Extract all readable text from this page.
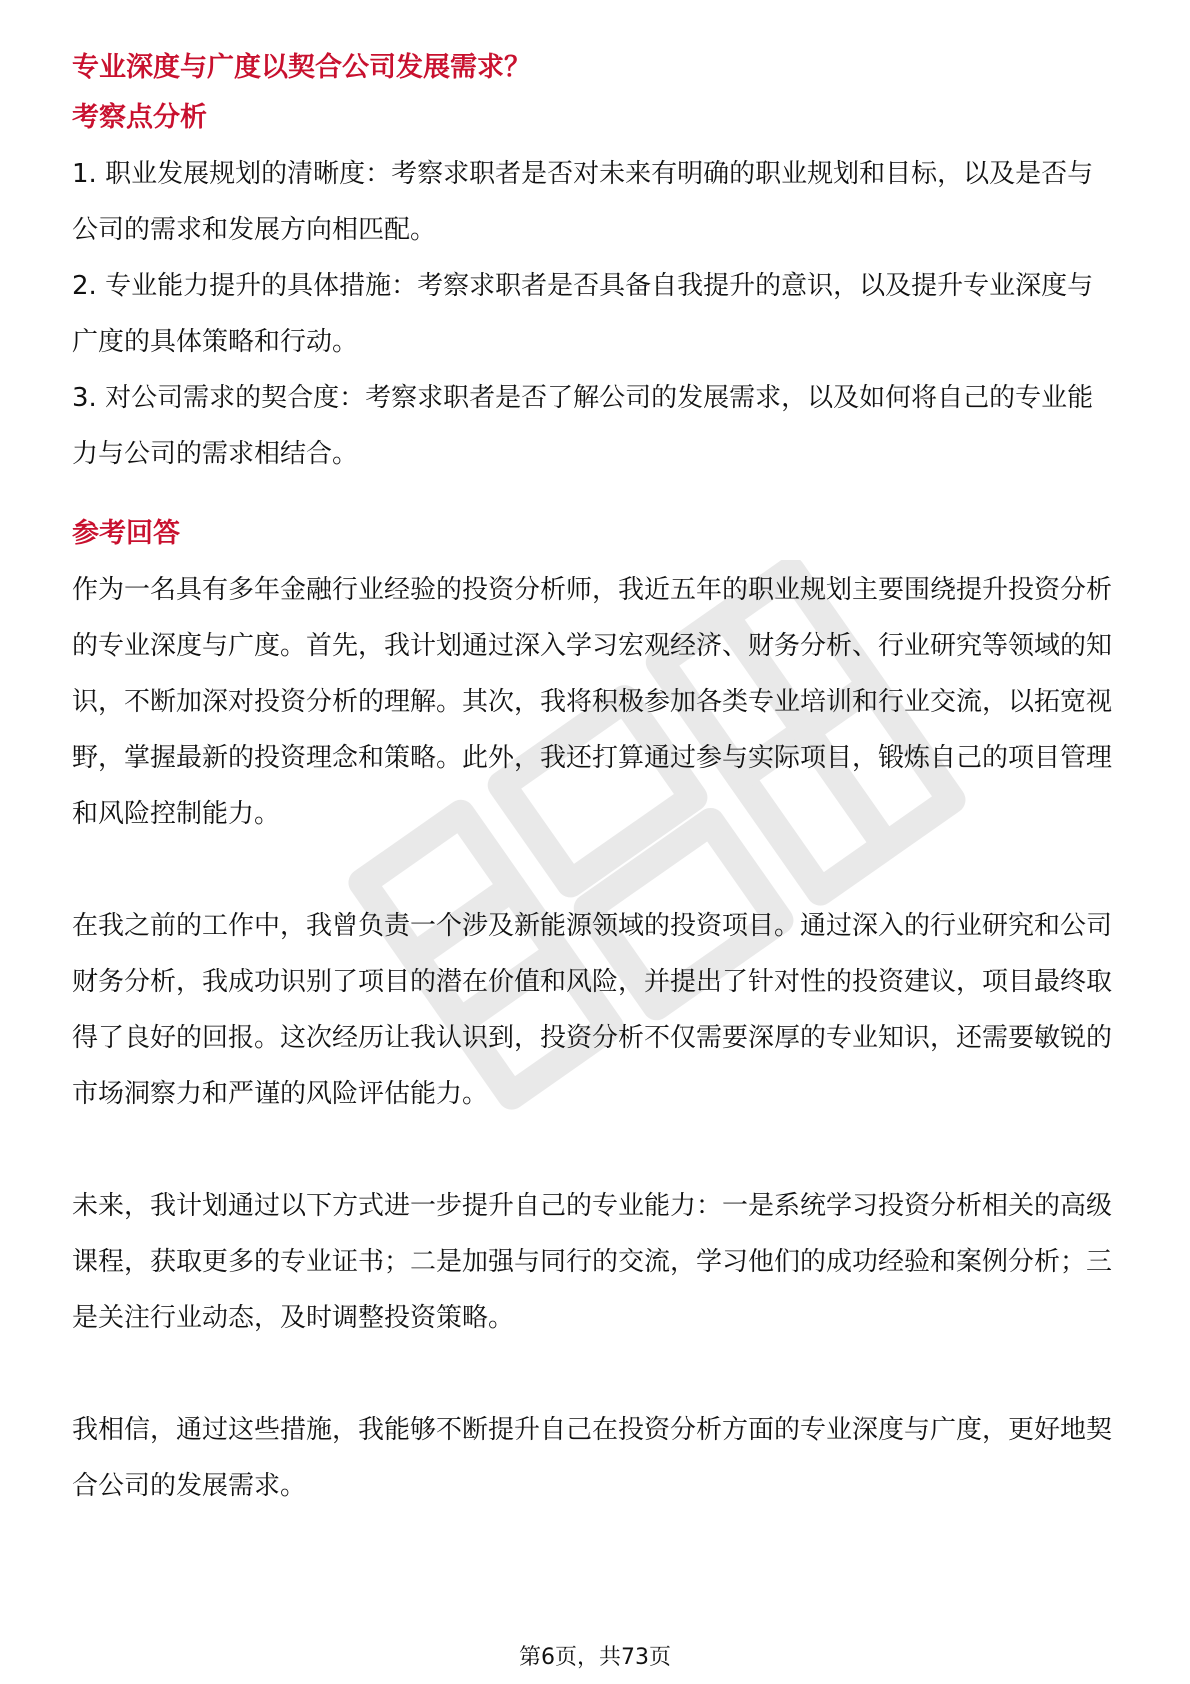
专业深度与广度以契合公司发展需求？
考察点分析

1. 职业发展规划的清晰度：考察求职者是否对未来有明确的职业规划和目标，以及是否与公司的需求和发展方向相匹配。

2. 专业能力提升的具体措施：考察求职者是否具备自我提升的意识，以及提升专业深度与广度的具体策略和行动。

3. 对公司需求的契合度：考察求职者是否了解公司的发展需求，以及如何将自己的专业能力与公司的需求相结合。

参考回答

作为一名具有多年金融行业经验的投资分析师，我近五年的职业规划主要围绕提升投资分析的专业深度与广度。首先，我计划通过深入学习宏观经济、财务分析、行业研究等领域的知识，不断加深对投资分析的理解。其次，我将积极参加各类专业培训和行业交流，以拓宽视野，掌握最新的投资理念和策略。此外，我还打算通过参与实际项目，锻炼自己的项目管理和风险控制能力。

在我之前的工作中，我曾负责一个涉及新能源领域的投资项目。通过深入的行业研究和公司财务分析，我成功识别了项目的潜在价值和风险，并提出了针对性的投资建议，项目最终取得了良好的回报。这次经历让我认识到，投资分析不仅需要深厚的专业知识，还需要敏锐的市场洞察力和严谨的风险评估能力。

未来，我计划通过以下方式进一步提升自己的专业能力：一是系统学习投资分析相关的高级课程，获取更多的专业证书；二是加强与同行的交流，学习他们的成功经验和案例分析；三是关注行业动态，及时调整投资策略。

我相信，通过这些措施，我能够不断提升自己在投资分析方面的专业深度与广度，更好地契合公司的发展需求。

第6页，共73页
